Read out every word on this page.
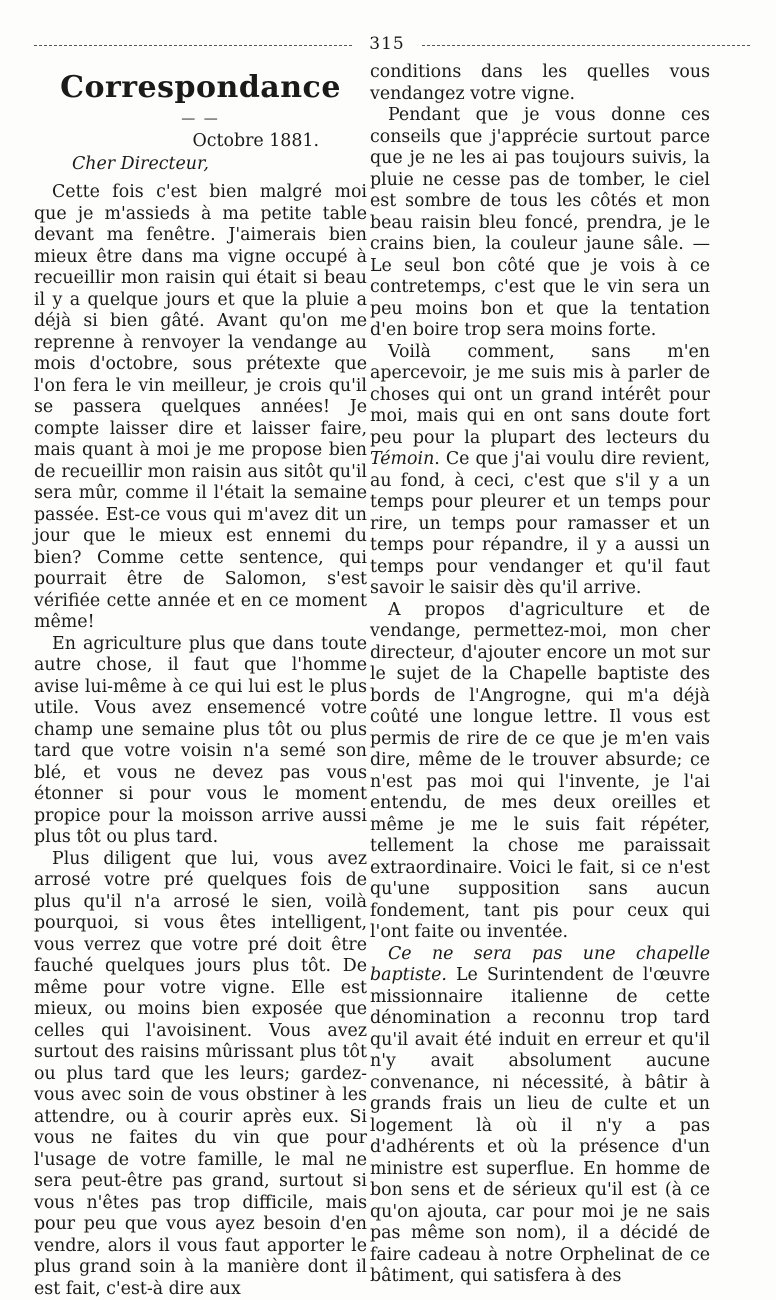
315
Correspondance
— —
Octobre 1881.
Cher Directeur,

Cette fois c'est bien malgré moi que je m'assieds à ma petite table devant ma fenêtre. J'aimerais bien mieux être dans ma vigne occupé à recueillir mon raisin qui était si beau il y a quelque jours et que la pluie a déjà si bien gâté. Avant qu'on me reprenne à renvoyer la vendange au mois d'octobre, sous prétexte que l'on fera le vin meilleur, je crois qu'il se passera quelques années! Je compte laisser dire et laisser faire, mais quant à moi je me propose bien de recueillir mon raisin aus sitôt qu'il sera mûr, comme il l'était la semaine passée. Est-ce vous qui m'avez dit un jour que le mieux est ennemi du bien? Comme cette sentence, qui pourrait être de Salomon, s'est vérifiée cette année et en ce moment même!

En agriculture plus que dans toute autre chose, il faut que l'homme avise lui-même à ce qui lui est le plus utile. Vous avez ensemencé votre champ une semaine plus tôt ou plus tard que votre voisin n'a semé son blé, et vous ne devez pas vous étonner si pour vous le moment propice pour la moisson arrive aussi plus tôt ou plus tard.

Plus diligent que lui, vous avez arrosé votre pré quelques fois de plus qu'il n'a arrosé le sien, voilà pourquoi, si vous êtes intelligent, vous verrez que votre pré doit être fauché quelques jours plus tôt. De même pour votre vigne. Elle est mieux, ou moins bien exposée que celles qui l'avoisinent. Vous avez surtout des raisins mûrissant plus tôt ou plus tard que les leurs; gardez-vous avec soin de vous obstiner à les attendre, ou à courir après eux. Si vous ne faites du vin que pour l'usage de votre famille, le mal ne sera peut-être pas grand, surtout si vous n'êtes pas trop difficile, mais pour peu que vous ayez besoin d'en vendre, alors il vous faut apporter le plus grand soin à la manière dont il est fait, c'est-à dire aux

conditions dans les quelles vous vendangez votre vigne.

Pendant que je vous donne ces conseils que j'apprécie surtout parce que je ne les ai pas toujours suivis, la pluie ne cesse pas de tomber, le ciel est sombre de tous les côtés et mon beau raisin bleu foncé, prendra, je le crains bien, la couleur jaune sâle. — Le seul bon côté que je vois à ce contretemps, c'est que le vin sera un peu moins bon et que la tentation d'en boire trop sera moins forte.

Voilà comment, sans m'en apercevoir, je me suis mis à parler de choses qui ont un grand intérêt pour moi, mais qui en ont sans doute fort peu pour la plupart des lecteurs du Témoin. Ce que j'ai voulu dire revient, au fond, à ceci, c'est que s'il y a un temps pour pleurer et un temps pour rire, un temps pour ramasser et un temps pour répandre, il y a aussi un temps pour vendanger et qu'il faut savoir le saisir dès qu'il arrive.

A propos d'agriculture et de vendange, permettez-moi, mon cher directeur, d'ajouter encore un mot sur le sujet de la Chapelle baptiste des bords de l'Angrogne, qui m'a déjà coûté une longue lettre. Il vous est permis de rire de ce que je m'en vais dire, même de le trouver absurde; ce n'est pas moi qui l'invente, je l'ai entendu, de mes deux oreilles et même je me le suis fait répéter, tellement la chose me paraissait extraordinaire. Voici le fait, si ce n'est qu'une supposition sans aucun fondement, tant pis pour ceux qui l'ont faite ou inventée.

Ce ne sera pas une chapelle baptiste. Le Surintendent de l'œuvre missionnaire italienne de cette dénomination a reconnu trop tard qu'il avait été induit en erreur et qu'il n'y avait absolument aucune convenance, ni nécessité, à bâtir à grands frais un lieu de culte et un logement là où il n'y a pas d'adhérents et où la présence d'un ministre est superflue. En homme de bon sens et de sérieux qu'il est (à ce qu'on ajouta, car pour moi je ne sais pas même son nom), il a décidé de faire cadeau à notre Orphelinat de ce bâtiment, qui satisfera à des
